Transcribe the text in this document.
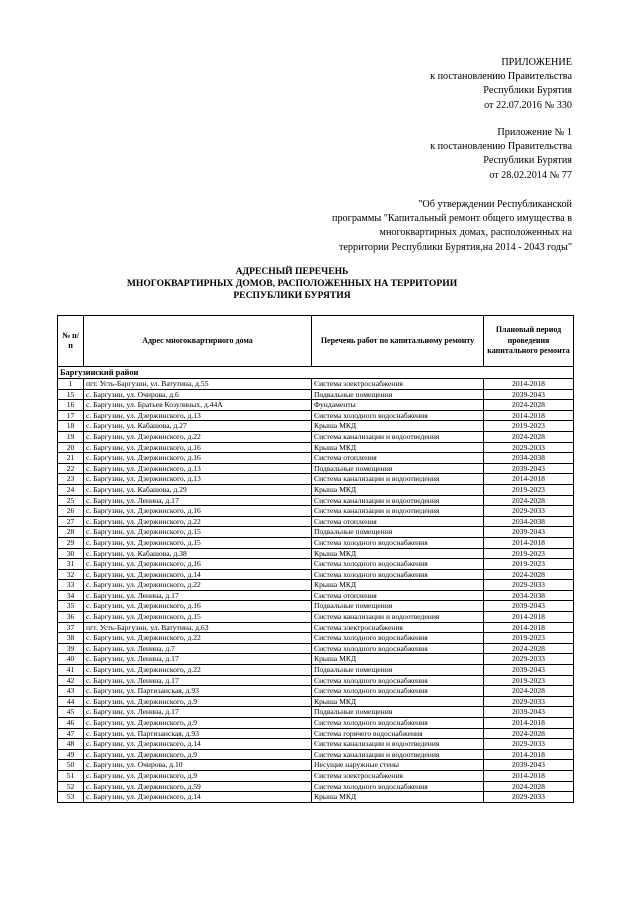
ПРИЛОЖЕНИЕ
к постановлению Правительства
Республики Бурятия
от 22.07.2016 № 330
Приложение № 1
к постановлению Правительства
Республики Бурятия
от 28.02.2014 № 77
"Об утверждении Республиканской
программы "Капитальный ремонт общего имущества в
многоквартирных домах, расположенных на
территории Республики Бурятия,на 2014 - 2043 годы"
АДРЕСНЫЙ ПЕРЕЧЕНЬ
МНОГОКВАРТИРНЫХ ДОМОВ, РАСПОЛОЖЕННЫХ НА ТЕРРИТОРИИ
РЕСПУБЛИКИ БУРЯТИЯ
№ п/п	Адрес многоквартирного дома	Перечень работ по капитальному ремонту	Плановый период проведения капитального ремонта
Баргузинский район			
1	пгт. Усть-Баргузин, ул. Ватутина, д.55	Система электроснабжения	2014-2018
15	с. Баргузин, ул. Очирова, д.6	Подвальные помещения	2039-2043
16	с. Баргузин, ул. Братьев Козулиных, д.44А	Фундаменты	2024-2028
17	с. Баргузин, ул. Дзержинского, д.13	Система холодного водоснабжения	2014-2018
18	с. Баргузин, ул. Кабашова, д.27	Крыша МКД	2019-2023
19	с. Баргузин, ул. Дзержинского, д.22	Система канализации и водоотведения	2024-2028
20	с. Баргузин, ул. Дзержинского, д.16	Крыша МКД	2029-2033
21	с. Баргузин, ул. Дзержинского, д.16	Система отопления	2034-2038
22	с. Баргузин, ул. Дзержинского, д.13	Подвальные помещения	2039-2043
23	с. Баргузин, ул. Дзержинского, д.13	Система канализации и водоотведения	2014-2018
24	с. Баргузин, ул. Кабашова, д.29	Крыша МКД	2019-2023
25	с. Баргузин, ул. Ленина, д.17	Система канализации и водоотведения	2024-2028
26	с. Баргузин, ул. Дзержинского, д.16	Система канализации и водоотведения	2029-2033
27	с. Баргузин, ул. Дзержинского, д.22	Система отопления	2034-2038
28	с. Баргузин, ул. Дзержинского, д.15	Подвальные помещения	2039-2043
29	с. Баргузин, ул. Дзержинского, д.15	Система холодного водоснабжения	2014-2018
30	с. Баргузин, ул. Кабашова, д.38	Крыша МКД	2019-2023
31	с. Баргузин, ул. Дзержинского, д.16	Система холодного водоснабжения	2019-2023
32	с. Баргузин, ул. Дзержинского, д.14	Система холодного водоснабжения	2024-2028
33	с. Баргузин, ул. Дзержинского, д.22	Крыша МКД	2029-2033
34	с. Баргузин, ул. Ленина, д.17	Система отопления	2034-2038
35	с. Баргузин, ул. Дзержинского, д.16	Подвальные помещения	2039-2043
36	с. Баргузин, ул. Дзержинского, д.15	Система канализации и водоотведения	2014-2018
37	пгт. Усть-Баргузин, ул. Ватутина, д.63	Система электроснабжения	2014-2018
38	с. Баргузин, ул. Дзержинского, д.22	Система холодного водоснабжения	2019-2023
39	с. Баргузин, ул. Ленина, д.7	Система холодного водоснабжения	2024-2028
40	с. Баргузин, ул. Ленина, д.17	Крыша МКД	2029-2033
41	с. Баргузин, ул. Дзержинского, д.22	Подвальные помещения	2039-2043
42	с. Баргузин, ул. Ленина, д.17	Система холодного водоснабжения	2019-2023
43	с. Баргузин, ул. Партизанская, д.93	Система холодного водоснабжения	2024-2028
44	с. Баргузин, ул. Дзержинского, д.9	Крыша МКД	2029-2033
45	с. Баргузин, ул. Ленина, д.17	Подвальные помещения	2039-2043
46	с. Баргузин, ул. Дзержинского, д.9	Система холодного водоснабжения	2014-2018
47	с. Баргузин, ул. Партизанская, д.93	Система горячего водоснабжения	2024-2028
48	с. Баргузин, ул. Дзержинского, д.14	Система канализации и водоотведения	2029-2033
49	с. Баргузин, ул. Дзержинского, д.9	Система канализации и водоотведения	2014-2018
50	с. Баргузин, ул. Очирова, д.10	Несущие наружные стены	2039-2043
51	с. Баргузин, ул. Дзержинского, д.9	Система электроснабжения	2014-2018
52	с. Баргузин, ул. Дзержинского, д.59	Система холодного водоснабжения	2024-2028
53	с. Баргузин, ул. Дзержинского, д.14	Крыша МКД	2029-2033
